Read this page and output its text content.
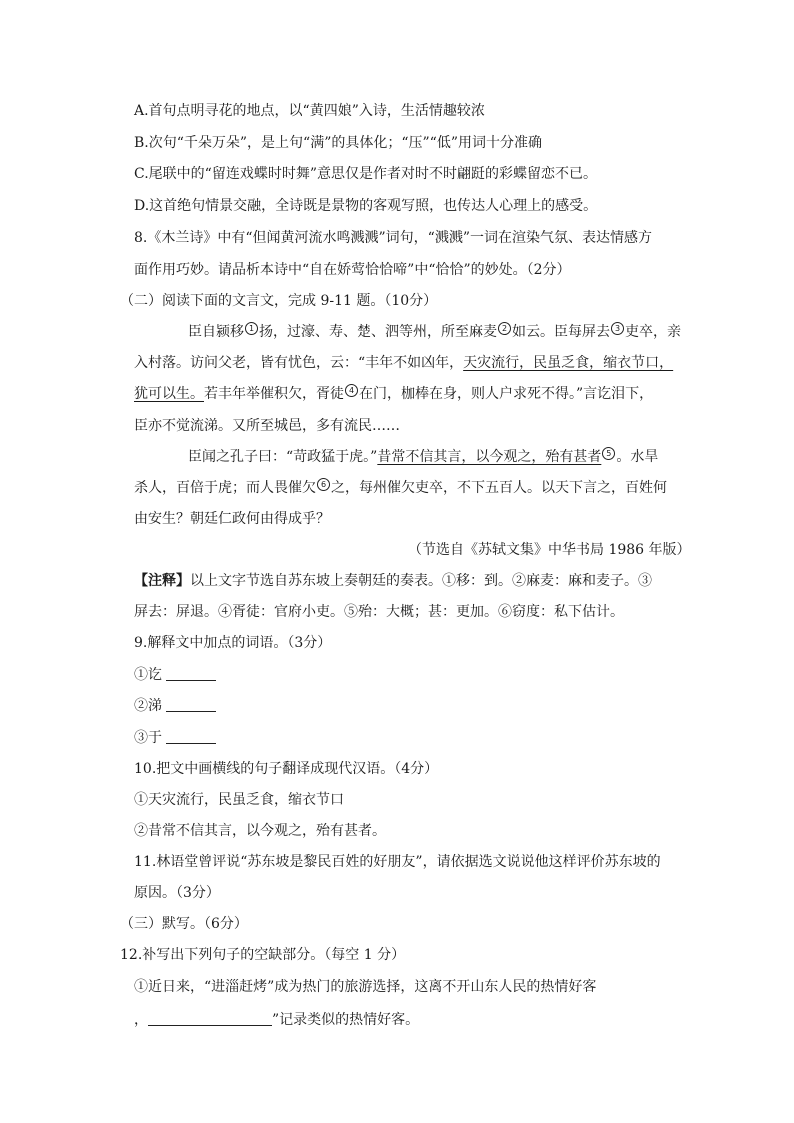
A.首句点明寻花的地点，以“黄四娘”入诗，生活情趣较浓
B.次句“千朵万朵”，是上句“满”的具体化；“压”“低”用词十分准确
C.尾联中的“留连戏蝶时时舞”意思仅是作者对时不时翩跹的彩蝶留恋不已。
D.这首绝句情景交融，全诗既是景物的客观写照，也传达人心理上的感受。
8.《木兰诗》中有“但闻黄河流水鸣溅溅”词句，“溅溅”一词在渲染气氛、表达情感方
面作用巧妙。请品析本诗中“自在娇莺恰恰啼”中“恰恰”的妙处。（2分）
（二）阅读下面的文言文，完成 9-11 题。（10分）
臣自颍移 1 扬，过濠、寿、楚、泗等州，所至麻麦 2 如云。臣每屏去 3 吏卒，亲
入村落。访问父老，皆有忧色，云：“丰年不如凶年，天灾流行，民虽乏食，缩衣节口，
犹可以生。若丰年举催积欠，胥徒 4 在门，枷棒在身，则人户求死不得。”言讫泪下，
臣亦不觉流涕。又所至城邑，多有流民……
臣闻之孔子曰：“苛政猛于虎。”昔常不信其言，以今观之，殆有甚者 5 。水旱
杀人，百倍于虎；而人畏催欠 6 之，每州催欠吏卒，不下五百人。以天下言之，百姓何
由安生？朝廷仁政何由得成乎？
（节选自《苏轼文集》中华书局 1986 年版）
【注释】以上文字节选自苏东坡上奏朝廷的奏表。①移：到。②麻麦：麻和麦子。③
屏去：屏退。④胥徒：官府小吏。⑤殆：大概；甚：更加。⑥窃度：私下估计。
9.解释文中加点的词语。（3分）
①讫
②涕
③于
10.把文中画横线的句子翻译成现代汉语。（4分）
①天灾流行，民虽乏食，缩衣节口
②昔常不信其言，以今观之，殆有甚者。
11.林语堂曾评说“苏东坡是黎民百姓的好朋友”，请依据选文说说他这样评价苏东坡的
原因。（3分）
（三）默写。（6分）
12.补写出下列句子的空缺部分。（每空 1 分）
①近日来，“进淄赶烤”成为热门的旅游选择，这离不开山东人民的热情好客
，	”记录类似的热情好客。
